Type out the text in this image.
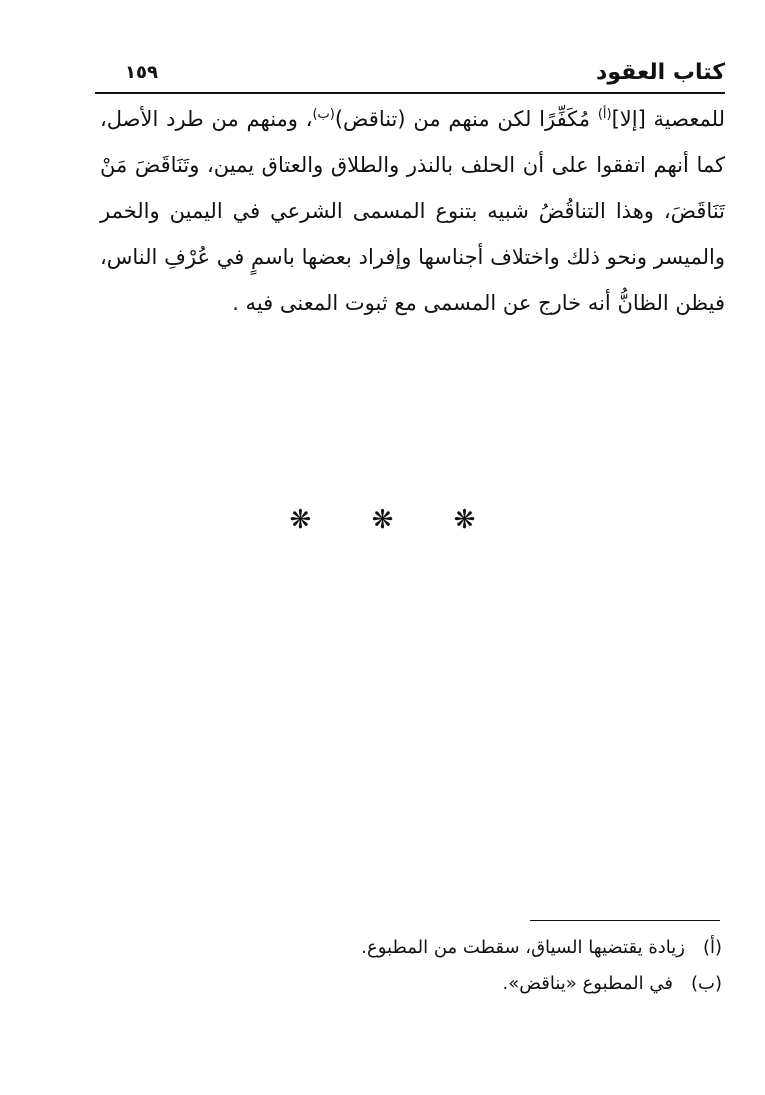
كتاب العقود
١٥٩
للمعصية [إلا]$^{(أ)}$ مُكَفِّرًا لكن منهم من (تناقض)$^{(ب)}$، ومنهم من طرد الأصل،
كما أنهم اتفقوا على أن الحلف بالنذر والطلاق والعتاق يمين، وتَنَاقَضَ مَنْ
تَنَاقَضَ، وهذا التناقُضُ شبيه بتنوع المسمى الشرعي في اليمين والخمر
والميسر ونحو ذلك واختلاف أجناسها وإفراد بعضها باسمٍ في عُرْفِ الناس،
فيظن الظانُّ أنه خارج عن المسمى مع ثبوت المعنى فيه .
❋ ❋ ❋
(أ)زيادة يقتضيها السياق، سقطت من المطبوع.
(ب)في المطبوع «يناقض».
